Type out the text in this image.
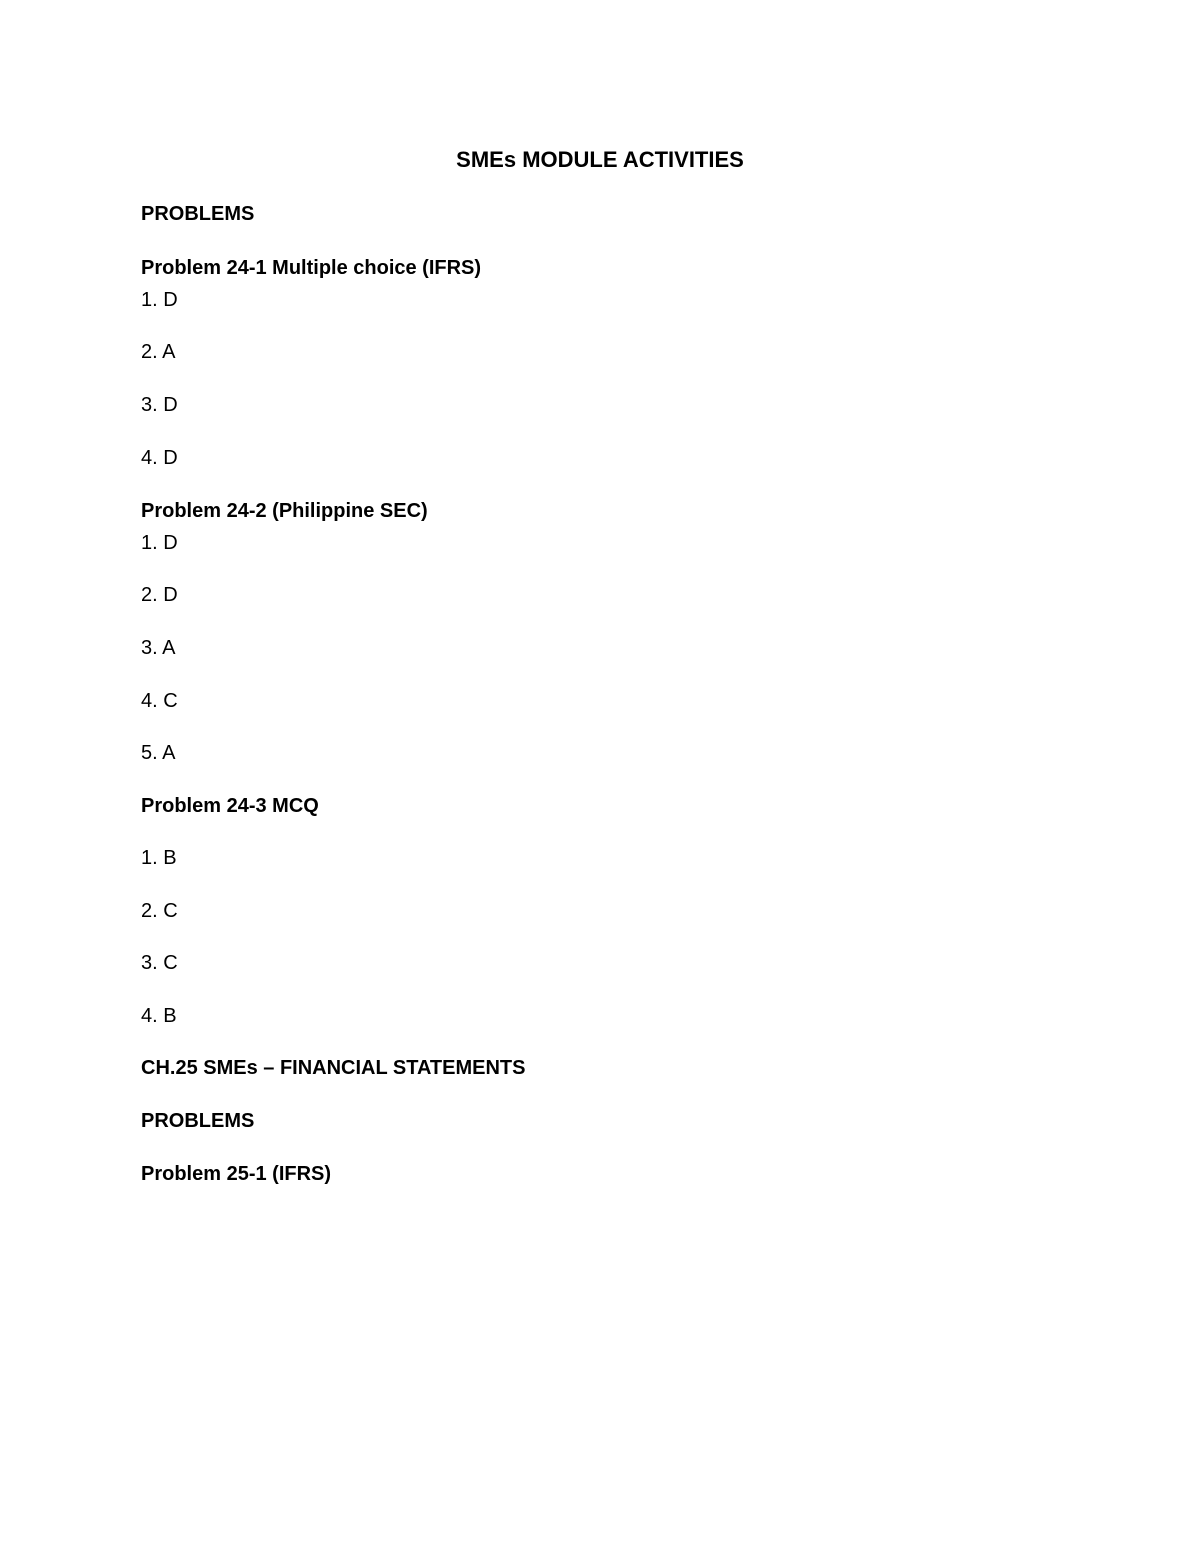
SMEs MODULE ACTIVITIES
PROBLEMS
Problem 24-1 Multiple choice (IFRS)
1. D
2. A
3. D
4. D
Problem 24-2 (Philippine SEC)
1. D
2. D
3. A
4. C
5. A
Problem 24-3 MCQ
1. B
2. C
3. C
4. B
CH.25 SMEs – FINANCIAL STATEMENTS
PROBLEMS
Problem 25-1 (IFRS)
